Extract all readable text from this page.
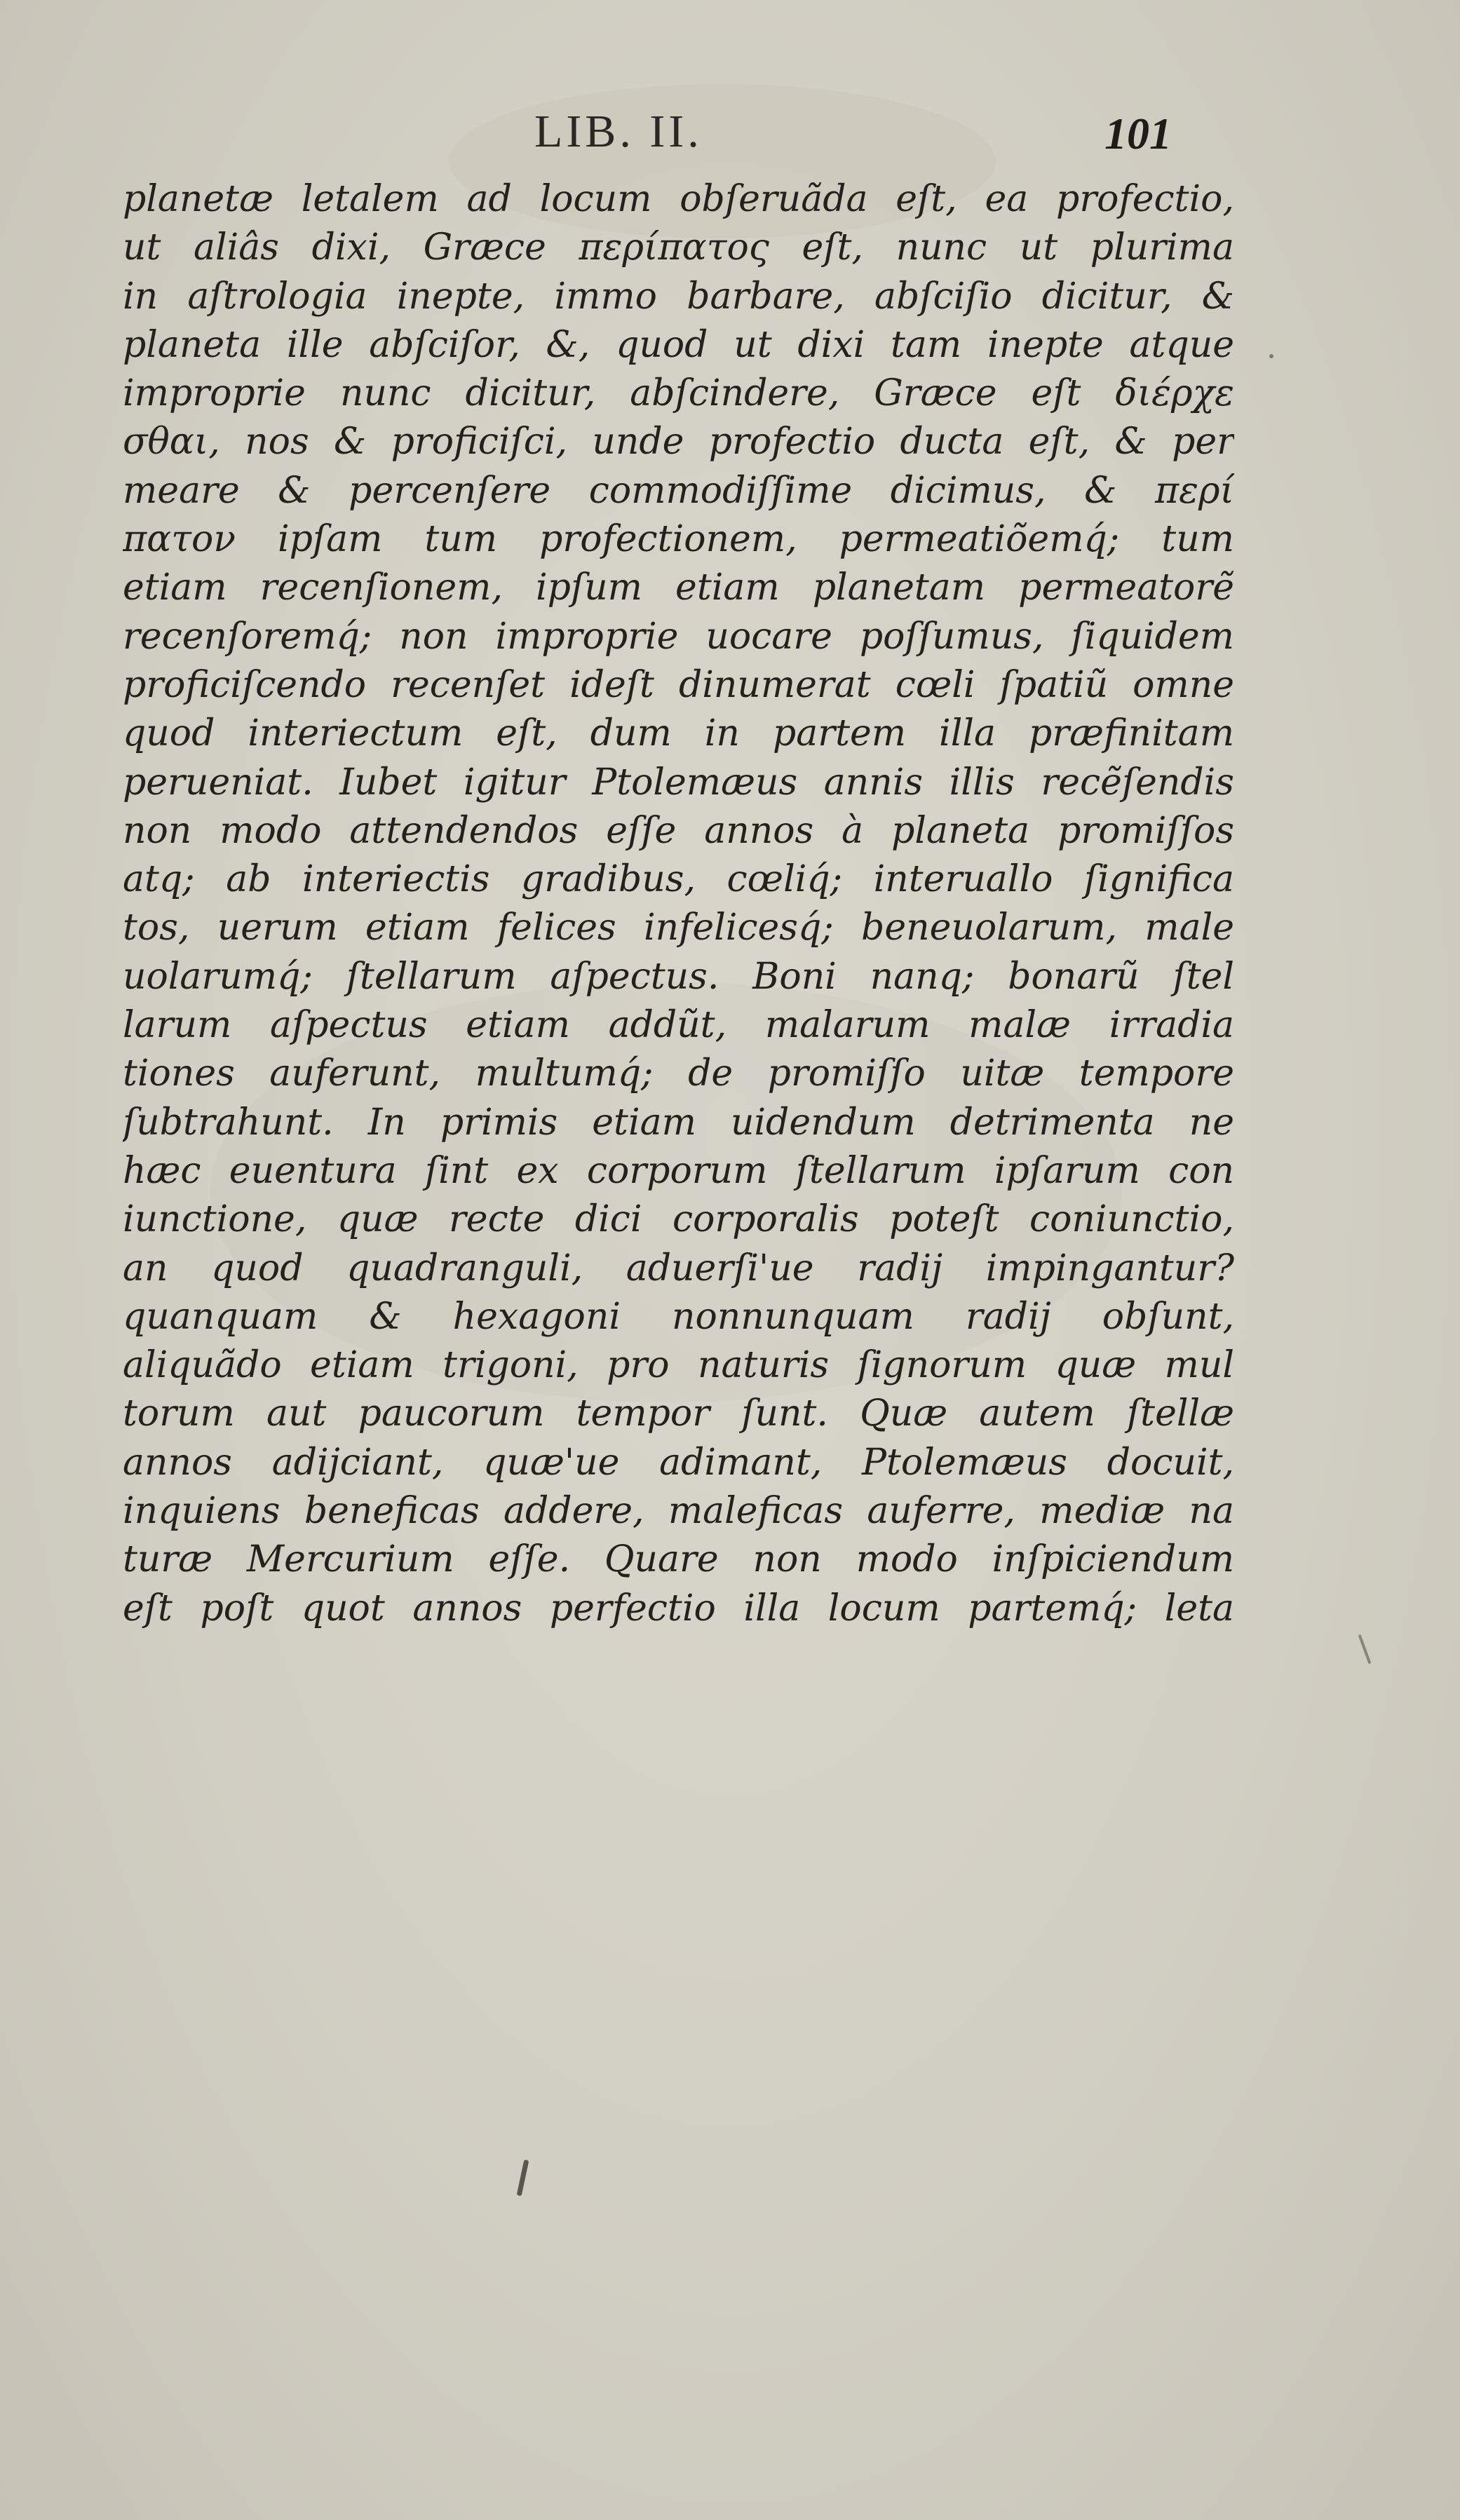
LIB. II.	101
planetæ letalem ad locum obſeruãda eſt, ea profectio,
ut aliâs dixi, Græce περίπατος eſt, nunc ut plurima
in aſtrologia inepte, immo barbare, abſciſio dicitur, &
planeta ille abſciſor, &, quod ut dixi tam inepte atque
improprie nunc dicitur, abſcindere, Græce eſt διέρχε
σθαι, nos & proficiſci, unde profectio ducta eſt, & per
meare & percenſere commodiſſime dicimus, & περί
πατον ipſam tum profectionem, permeatiõemq́; tum
etiam recenſionem, ipſum etiam planetam permeatorẽ
recenſoremq́; non improprie uocare poſſumus, ſiquidem
proficiſcendo recenſet ideſt dinumerat cœli ſpatiũ omne
quod interiectum eſt, dum in partem illa præfinitam
perueniat. Iubet igitur Ptolemæus annis illis recẽſendis
non modo attendendos eſſe annos à planeta promiſſos
atq; ab interiectis gradibus, cœliq́; interuallo ſignifica
tos, uerum etiam felices infelicesq́; beneuolarum, male
uolarumq́; ſtellarum aſpectus. Boni nanq; bonarũ ſtel
larum aſpectus etiam addũt, malarum malæ irradia
tiones auferunt, multumq́; de promiſſo uitæ tempore
ſubtrahunt. In primis etiam uidendum detrimenta ne
hæc euentura ſint ex corporum ſtellarum ipſarum con
iunctione, quæ recte dici corporalis poteſt coniunctio,
an quod quadranguli, aduerſi'ue radij impingantur?
quanquam & hexagoni nonnunquam radij obſunt,
aliquãdo etiam trigoni, pro naturis ſignorum quæ mul
torum aut paucorum tempor ſunt. Quæ autem ſtellæ
annos adijciant, quæ'ue adimant, Ptolemæus docuit,
inquiens beneficas addere, maleficas auferre, mediæ na
turæ Mercurium eſſe. Quare non modo inſpiciendum
eſt poſt quot annos perfectio illa locum partemq́; leta
